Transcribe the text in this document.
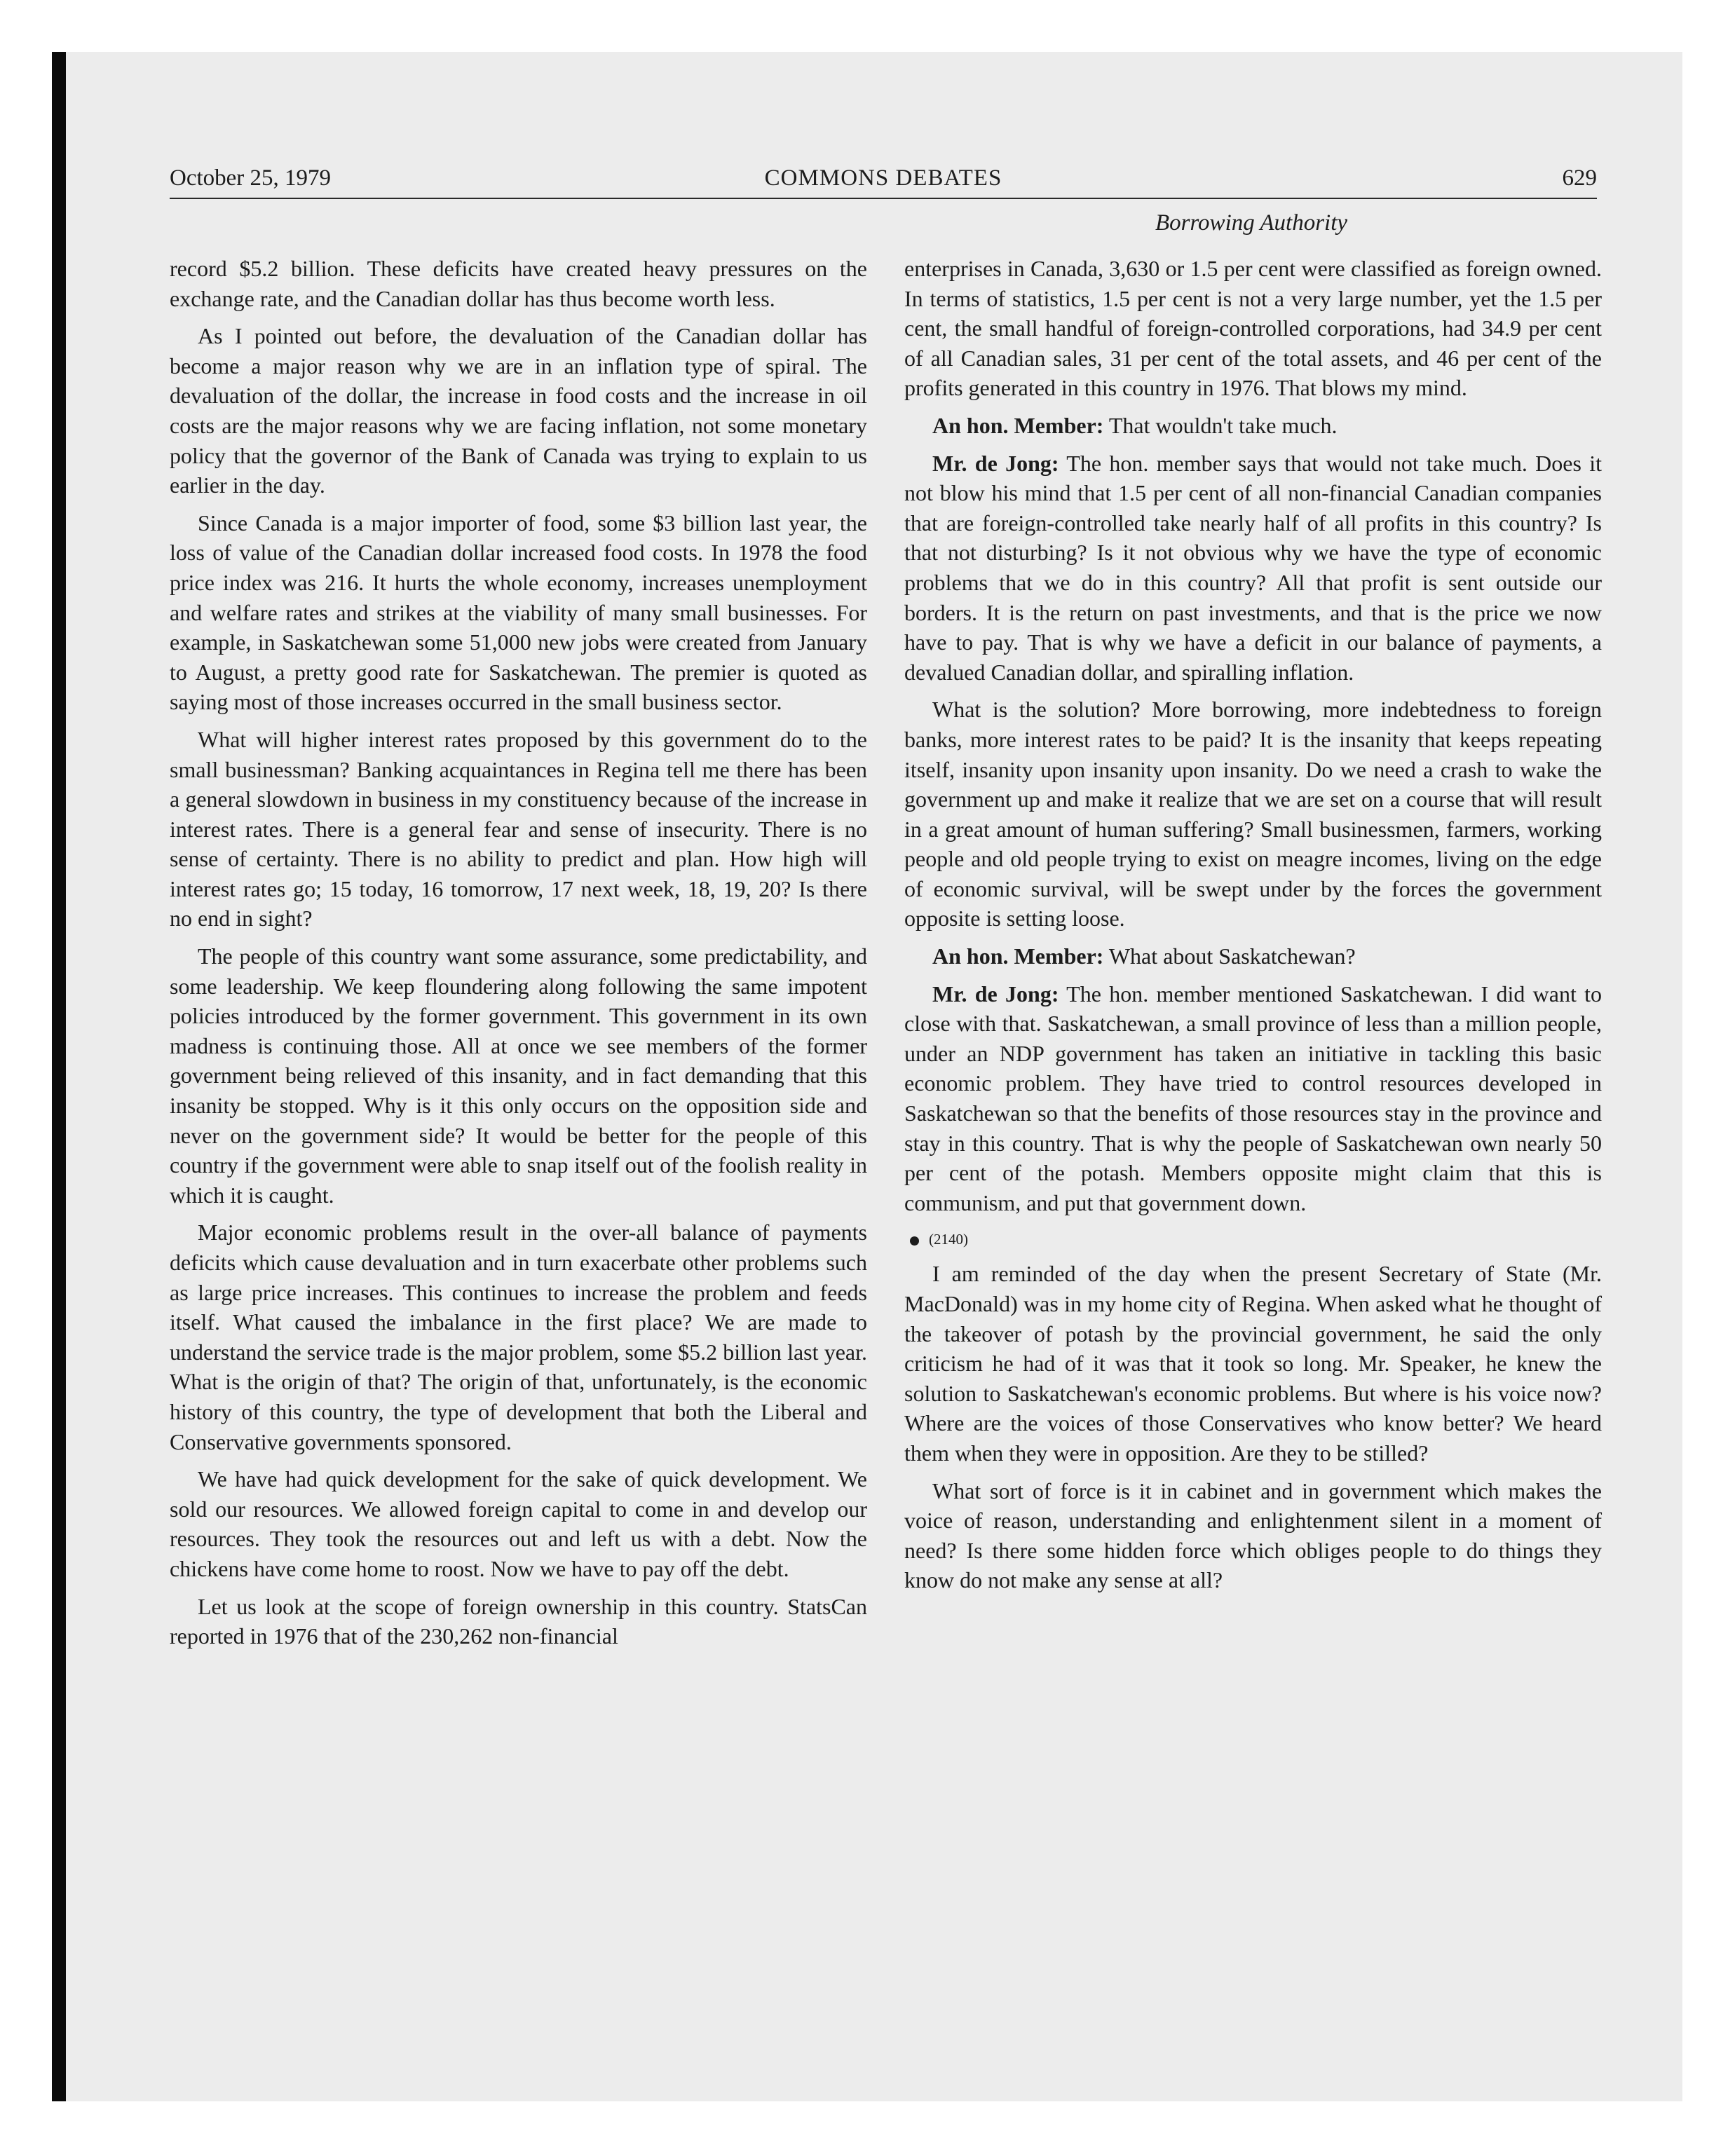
October 25, 1979	COMMONS DEBATES	629
Borrowing Authority

record $5.2 billion. These deficits have created heavy pressures on the exchange rate, and the Canadian dollar has thus become worth less.

As I pointed out before, the devaluation of the Canadian dollar has become a major reason why we are in an inflation type of spiral. The devaluation of the dollar, the increase in food costs and the increase in oil costs are the major reasons why we are facing inflation, not some monetary policy that the governor of the Bank of Canada was trying to explain to us earlier in the day.

Since Canada is a major importer of food, some $3 billion last year, the loss of value of the Canadian dollar increased food costs. In 1978 the food price index was 216. It hurts the whole economy, increases unemployment and welfare rates and strikes at the viability of many small businesses. For example, in Saskatchewan some 51,000 new jobs were created from January to August, a pretty good rate for Saskatchewan. The premier is quoted as saying most of those increases occurred in the small business sector.

What will higher interest rates proposed by this government do to the small businessman? Banking acquaintances in Regina tell me there has been a general slowdown in business in my constituency because of the increase in interest rates. There is a general fear and sense of insecurity. There is no sense of certainty. There is no ability to predict and plan. How high will interest rates go; 15 today, 16 tomorrow, 17 next week, 18, 19, 20? Is there no end in sight?

The people of this country want some assurance, some predictability, and some leadership. We keep floundering along following the same impotent policies introduced by the former government. This government in its own madness is continuing those. All at once we see members of the former government being relieved of this insanity, and in fact demanding that this insanity be stopped. Why is it this only occurs on the opposition side and never on the government side? It would be better for the people of this country if the government were able to snap itself out of the foolish reality in which it is caught.

Major economic problems result in the over-all balance of payments deficits which cause devaluation and in turn exacerbate other problems such as large price increases. This continues to increase the problem and feeds itself. What caused the imbalance in the first place? We are made to understand the service trade is the major problem, some $5.2 billion last year. What is the origin of that? The origin of that, unfortunately, is the economic history of this country, the type of development that both the Liberal and Conservative governments sponsored.

We have had quick development for the sake of quick development. We sold our resources. We allowed foreign capital to come in and develop our resources. They took the resources out and left us with a debt. Now the chickens have come home to roost. Now we have to pay off the debt.

Let us look at the scope of foreign ownership in this country. StatsCan reported in 1976 that of the 230,262 non-financial

enterprises in Canada, 3,630 or 1.5 per cent were classified as foreign owned. In terms of statistics, 1.5 per cent is not a very large number, yet the 1.5 per cent, the small handful of foreign-controlled corporations, had 34.9 per cent of all Canadian sales, 31 per cent of the total assets, and 46 per cent of the profits generated in this country in 1976. That blows my mind.

An hon. Member: That wouldn't take much.

Mr. de Jong: The hon. member says that would not take much. Does it not blow his mind that 1.5 per cent of all non-financial Canadian companies that are foreign-controlled take nearly half of all profits in this country? Is that not disturbing? Is it not obvious why we have the type of economic problems that we do in this country? All that profit is sent outside our borders. It is the return on past investments, and that is the price we now have to pay. That is why we have a deficit in our balance of payments, a devalued Canadian dollar, and spiralling inflation.

What is the solution? More borrowing, more indebtedness to foreign banks, more interest rates to be paid? It is the insanity that keeps repeating itself, insanity upon insanity upon insanity. Do we need a crash to wake the government up and make it realize that we are set on a course that will result in a great amount of human suffering? Small businessmen, farmers, working people and old people trying to exist on meagre incomes, living on the edge of economic survival, will be swept under by the forces the government opposite is setting loose.

An hon. Member: What about Saskatchewan?

Mr. de Jong: The hon. member mentioned Saskatchewan. I did want to close with that. Saskatchewan, a small province of less than a million people, under an NDP government has taken an initiative in tackling this basic economic problem. They have tried to control resources developed in Saskatchewan so that the benefits of those resources stay in the province and stay in this country. That is why the people of Saskatchewan own nearly 50 per cent of the potash. Members opposite might claim that this is communism, and put that government down.

(2140)

I am reminded of the day when the present Secretary of State (Mr. MacDonald) was in my home city of Regina. When asked what he thought of the takeover of potash by the provincial government, he said the only criticism he had of it was that it took so long. Mr. Speaker, he knew the solution to Saskatchewan's economic problems. But where is his voice now? Where are the voices of those Conservatives who know better? We heard them when they were in opposition. Are they to be stilled?

What sort of force is it in cabinet and in government which makes the voice of reason, understanding and enlightenment silent in a moment of need? Is there some hidden force which obliges people to do things they know do not make any sense at all?
